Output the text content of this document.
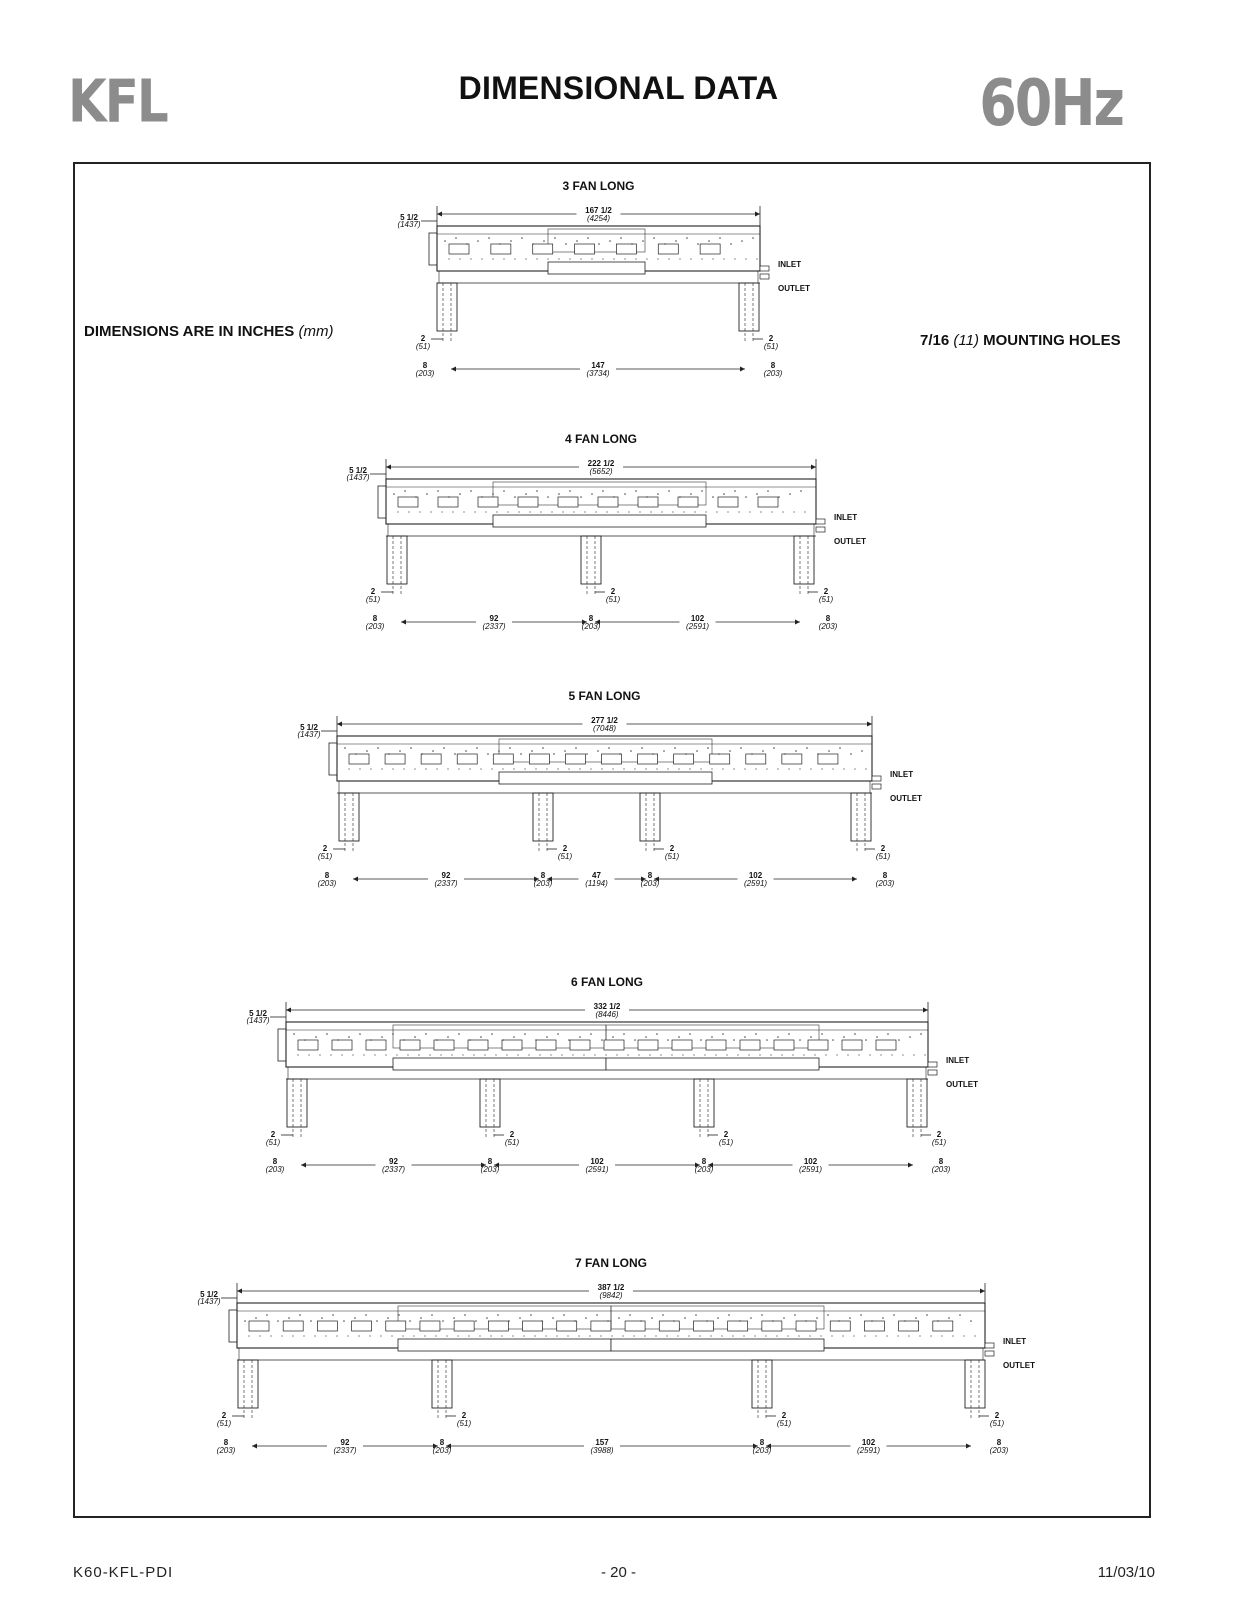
KFL	DIMENSIONAL DATA	60Hz
DIMENSIONS ARE IN INCHES (mm)
7/16 (11) MOUNTING HOLES
3 FAN LONG
167 1/2
(4254)
5 1/2
(1437)
INLET
OUTLET
2
(51)
2
(51)
147
(3734)
8
(203)
8
(203)
4 FAN LONG
222 1/2
(5652)
5 1/2
(1437)
INLET
OUTLET
2
(51)
2
(51)
2
(51)
92
(2337)
102
(2591)
8
(203)
8
(203)
8
(203)
5 FAN LONG
277 1/2
(7048)
5 1/2
(1437)
INLET
OUTLET
2
(51)
2
(51)
2
(51)
2
(51)
92
(2337)
47
(1194)
102
(2591)
8
(203)
8
(203)
8
(203)
8
(203)
6 FAN LONG
332 1/2
(8446)
5 1/2
(1437)
INLET
OUTLET
2
(51)
2
(51)
2
(51)
2
(51)
92
(2337)
102
(2591)
102
(2591)
8
(203)
8
(203)
8
(203)
8
(203)
7 FAN LONG
387 1/2
(9842)
5 1/2
(1437)
INLET
OUTLET
2
(51)
2
(51)
2
(51)
2
(51)
92
(2337)
157
(3988)
102
(2591)
8
(203)
8
(203)
8
(203)
8
(203)
K60-KFL-PDI	- 20 -	11/03/10
